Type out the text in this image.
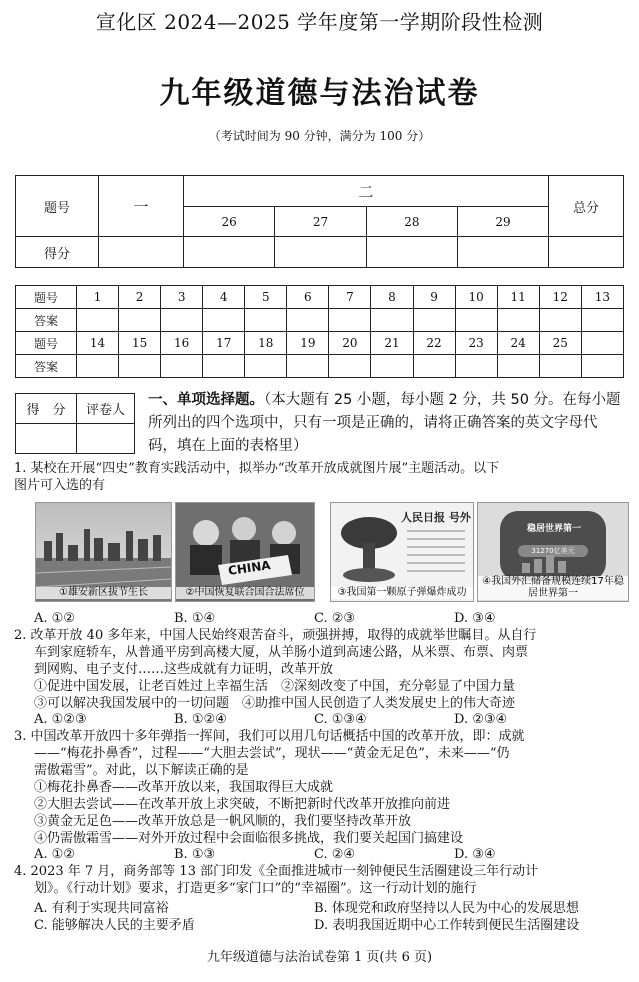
宣化区 2024—2025 学年度第一学期阶段性检测
九年级道德与法治试卷
（考试时间为 90 分钟，满分为 100 分）
题号	一	二				总分
		26	27	28	29	
得分						
题号	1	2	3	4	5	6	7	8	9	10	11	12	13
答案													
题号	14	15	16	17	18	19	20	21	22	23	24	25	
答案													
得　分	评卷人

一、单项选择题。（本大题有 25 小题，每小题 2 分，共 50 分。在每小题所列出的四个选项中，只有一项是正确的，请将正确答案的英文字母代码，填在上面的表格里）
1. 某校在开展“四史”教育实践活动中，拟举办“改革开放成就图片展”主题活动。以下
图片可入选的有
①雄安新区拔节生长
CHINA
②中国恢复联合国合法席位
人民日报 号外
③我国第一颗原子弹爆炸成功
稳居世界第一
31270亿美元
④我国外汇储备规模连续17年稳居世界第一
A. ①②	B. ①④	C. ②③	D. ③④
2. 改革开放 40 多年来，中国人民始终艰苦奋斗，顽强拼搏，取得的成就举世瞩目。从自行
车到家庭轿车，从普通平房到高楼大厦，从羊肠小道到高速公路，从米票、布票、肉票
到网购、电子支付……这些成就有力证明，改革开放
①促进中国发展，让老百姓过上幸福生活　②深刻改变了中国，充分彰显了中国力量
③可以解决我国发展中的一切问题　④助推中国人民创造了人类发展史上的伟大奇迹
A. ①②③	B. ①②④	C. ①③④	D. ②③④
3. 中国改革开放四十多年弹指一挥间，我们可以用几句话概括中国的改革开放，即：成就
——“梅花扑鼻香”，过程——“大胆去尝试”，现状——“黄金无足色”，未来——“仍
需傲霜雪”。对此，以下解读正确的是
①梅花扑鼻香——改革开放以来，我国取得巨大成就
②大胆去尝试——在改革开放上求突破，不断把新时代改革开放推向前进
③黄金无足色——改革开放总是一帆风顺的，我们要坚持改革开放
④仍需傲霜雪——对外开放过程中会面临很多挑战，我们要关起国门搞建设
A. ①②	B. ①③	C. ②④	D. ③④
4. 2023 年 7 月，商务部等 13 部门印发《全面推进城市一刻钟便民生活圈建设三年行动计
划》。《行动计划》要求，打造更多“家门口”的“幸福圈”。这一行动计划的施行
A. 有利于实现共同富裕	B. 体现党和政府坚持以人民为中心的发展思想
C. 能够解决人民的主要矛盾	D. 表明我国近期中心工作转到便民生活圈建设
九年级道德与法治试卷第 1 页(共 6 页)
